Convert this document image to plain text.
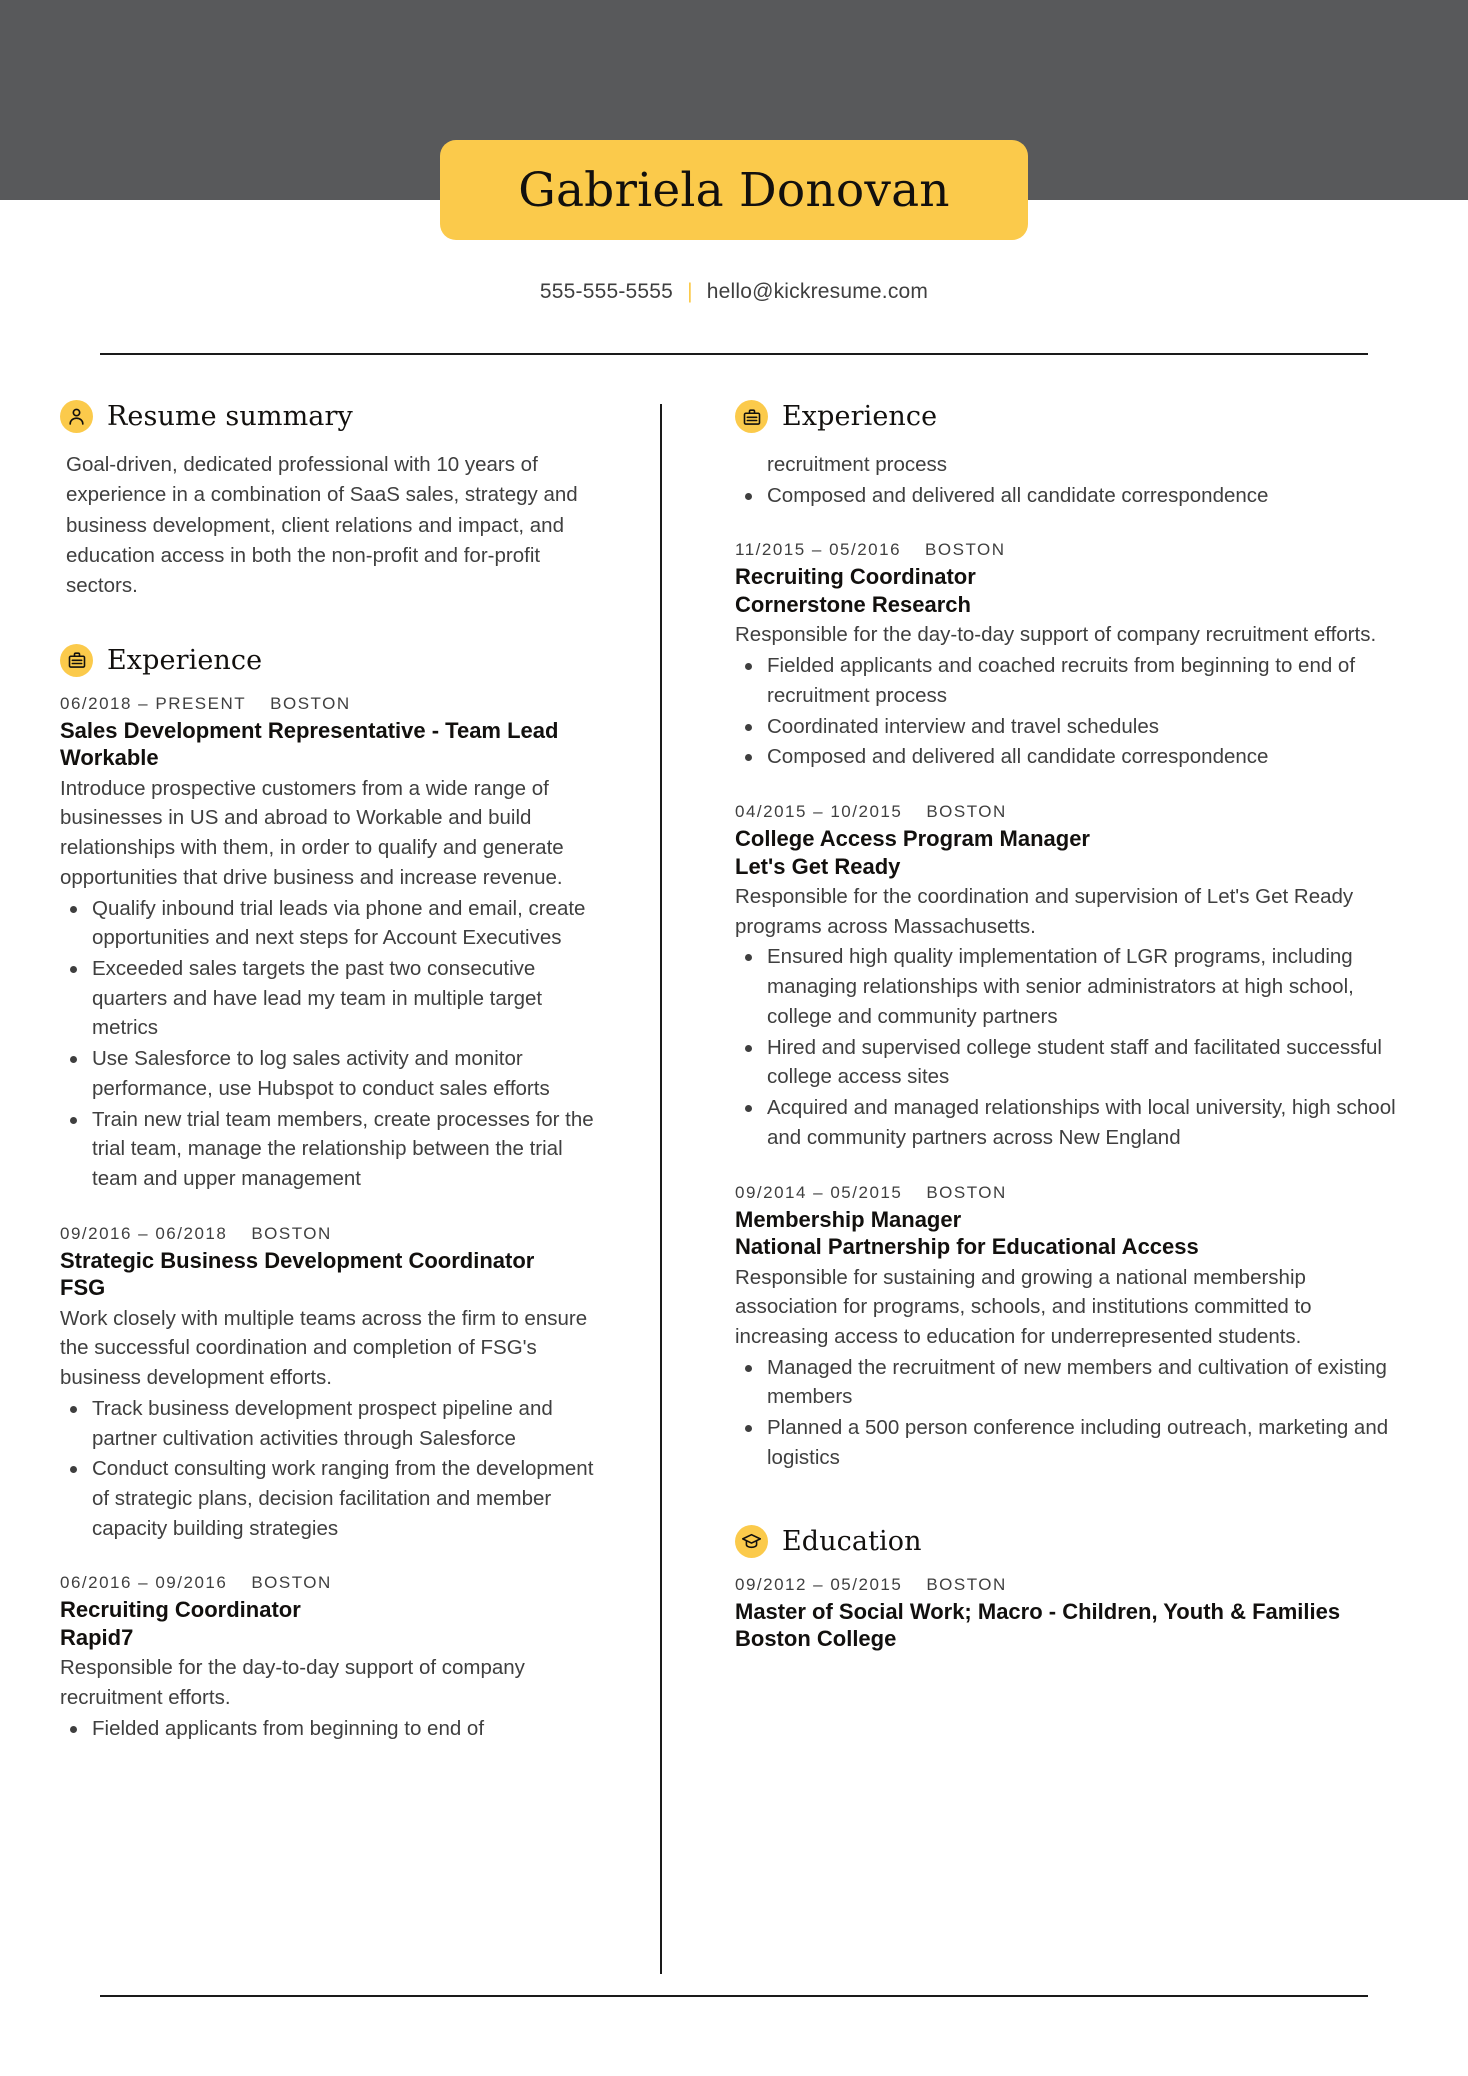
Gabriela Donovan
555-555-5555 | hello@kickresume.com
Resume summary
Goal-driven, dedicated professional with 10 years of experience in a combination of SaaS sales, strategy and business development, client relations and impact, and education access in both the non-profit and for-profit sectors.
Experience
06/2018 – PRESENT BOSTON
Sales Development Representative - Team Lead
Workable
Introduce prospective customers from a wide range of businesses in US and abroad to Workable and build relationships with them, in order to qualify and generate opportunities that drive business and increase revenue.
Qualify inbound trial leads via phone and email, create opportunities and next steps for Account Executives
Exceeded sales targets the past two consecutive quarters and have lead my team in multiple target metrics
Use Salesforce to log sales activity and monitor performance, use Hubspot to conduct sales efforts
Train new trial team members, create processes for the trial team, manage the relationship between the trial team and upper management
09/2016 – 06/2018 BOSTON
Strategic Business Development Coordinator
FSG
Work closely with multiple teams across the firm to ensure the successful coordination and completion of FSG's business development efforts.
Track business development prospect pipeline and partner cultivation activities through Salesforce
Conduct consulting work ranging from the development of strategic plans, decision facilitation and member capacity building strategies
06/2016 – 09/2016 BOSTON
Recruiting Coordinator
Rapid7
Responsible for the day-to-day support of company recruitment efforts.
Fielded applicants from beginning to end of
Experience
recruitment process
Composed and delivered all candidate correspondence
11/2015 – 05/2016 BOSTON
Recruiting Coordinator
Cornerstone Research
Responsible for the day-to-day support of company recruitment efforts.
Fielded applicants and coached recruits from beginning to end of recruitment process
Coordinated interview and travel schedules
Composed and delivered all candidate correspondence
04/2015 – 10/2015 BOSTON
College Access Program Manager
Let's Get Ready
Responsible for the coordination and supervision of Let's Get Ready programs across Massachusetts.
Ensured high quality implementation of LGR programs, including managing relationships with senior administrators at high school, college and community partners
Hired and supervised college student staff and facilitated successful college access sites
Acquired and managed relationships with local university, high school and community partners across New England
09/2014 – 05/2015 BOSTON
Membership Manager
National Partnership for Educational Access
Responsible for sustaining and growing a national membership association for programs, schools, and institutions committed to increasing access to education for underrepresented students.
Managed the recruitment of new members and cultivation of existing members
Planned a 500 person conference including outreach, marketing and logistics
Education
09/2012 – 05/2015 BOSTON
Master of Social Work; Macro - Children, Youth & Families
Boston College
